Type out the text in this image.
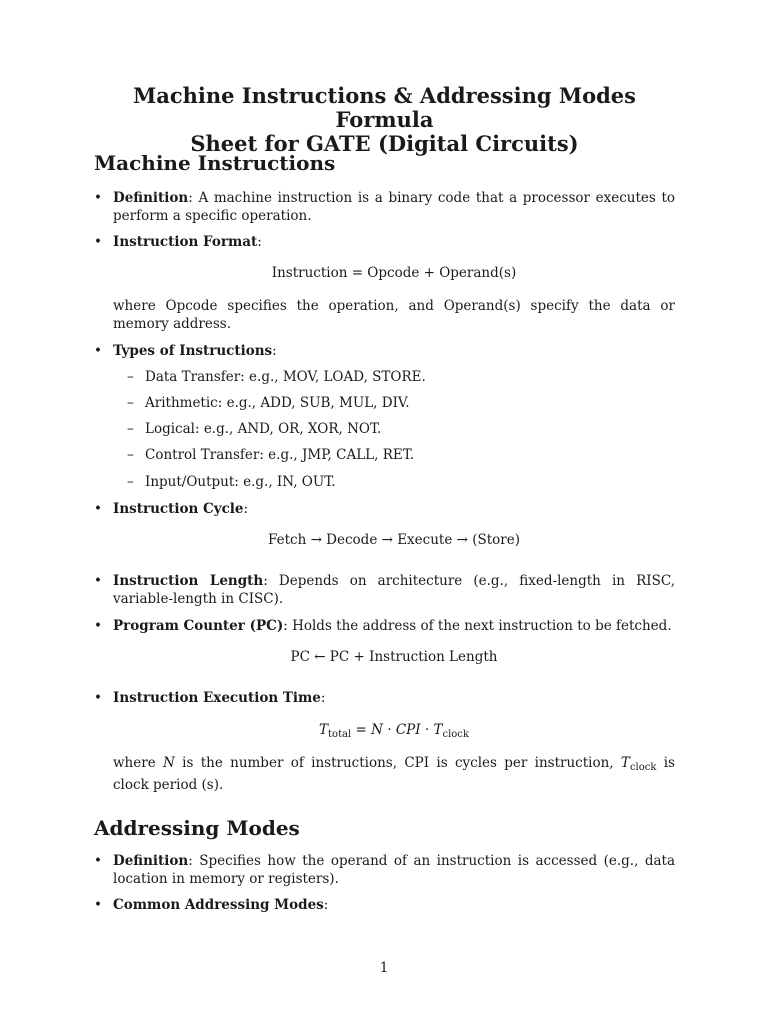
Machine Instructions & Addressing Modes Formula
Sheet for GATE (Digital Circuits)
Machine Instructions
• Definition: A machine instruction is a binary code that a processor executes to perform a specific operation.
• Instruction Format:
Instruction = Opcode + Operand(s)
where Opcode specifies the operation, and Operand(s) specify the data or memory address.
• Types of Instructions:
– Data Transfer: e.g., MOV, LOAD, STORE.
– Arithmetic: e.g., ADD, SUB, MUL, DIV.
– Logical: e.g., AND, OR, XOR, NOT.
– Control Transfer: e.g., JMP, CALL, RET.
– Input/Output: e.g., IN, OUT.
• Instruction Cycle:
Fetch → Decode → Execute → (Store)
• Instruction Length: Depends on architecture (e.g., fixed-length in RISC, variable-length in CISC).
• Program Counter (PC): Holds the address of the next instruction to be fetched.
PC ← PC + Instruction Length
• Instruction Execution Time:
$T_{total} = N$ · CPI · $T_{clock}$
where N is the number of instructions, CPI is cycles per instruction, $T_{clock}$ is clock period (s).
Addressing Modes
• Definition: Specifies how the operand of an instruction is accessed (e.g., data location in memory or registers).
• Common Addressing Modes:
1
